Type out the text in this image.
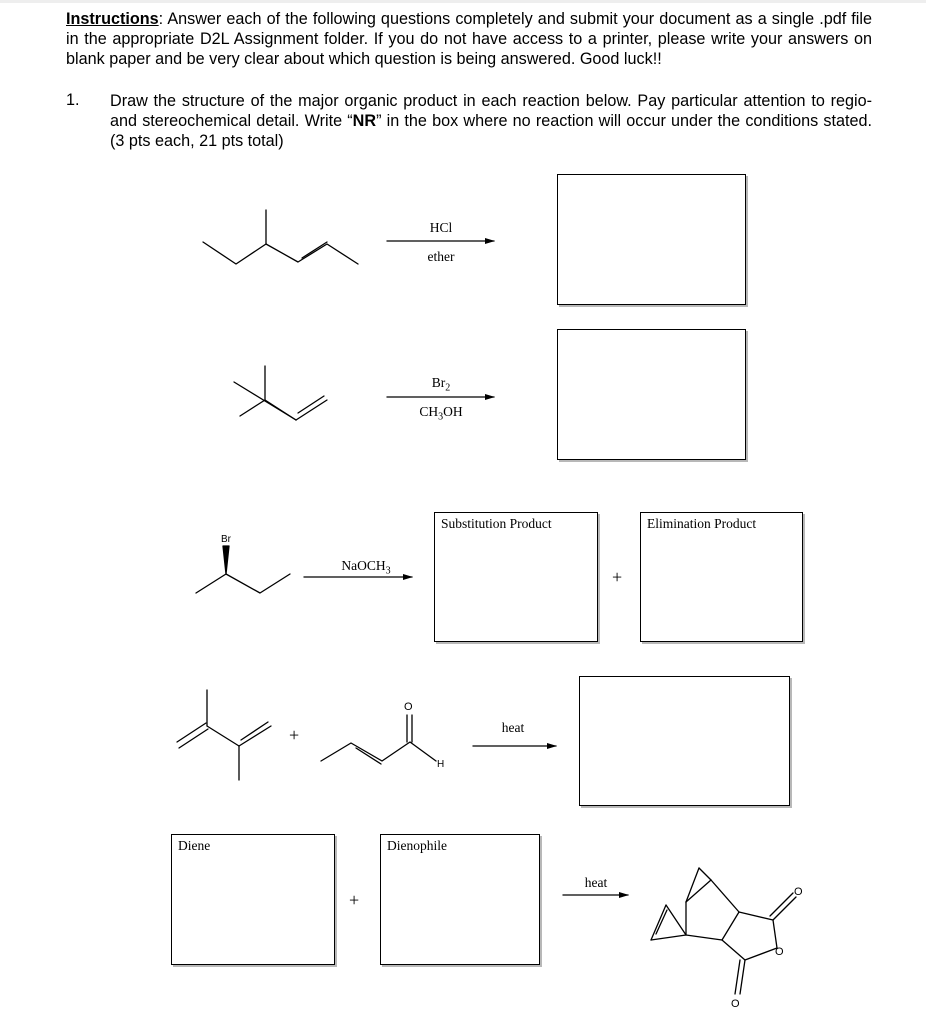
Instructions: Answer each of the following questions completely and submit your document as a single .pdf file in the appropriate D2L Assignment folder. If you do not have access to a printer, please write your answers on blank paper and be very clear about which question is being answered. Good luck!!
1. Draw the structure of the major organic product in each reaction below. Pay particular attention to regio- and stereochemical detail. Write “NR” in the box where no reaction will occur under the conditions stated. (3 pts each, 21 pts total)
Substitution Product	Elimination Product
Diene	Dienophile
HCl
ether
$Br_2$
$CH_3OH$
NaOCH$_3$
Br
+
+	heat
O
H
+
heat
O
O
O
